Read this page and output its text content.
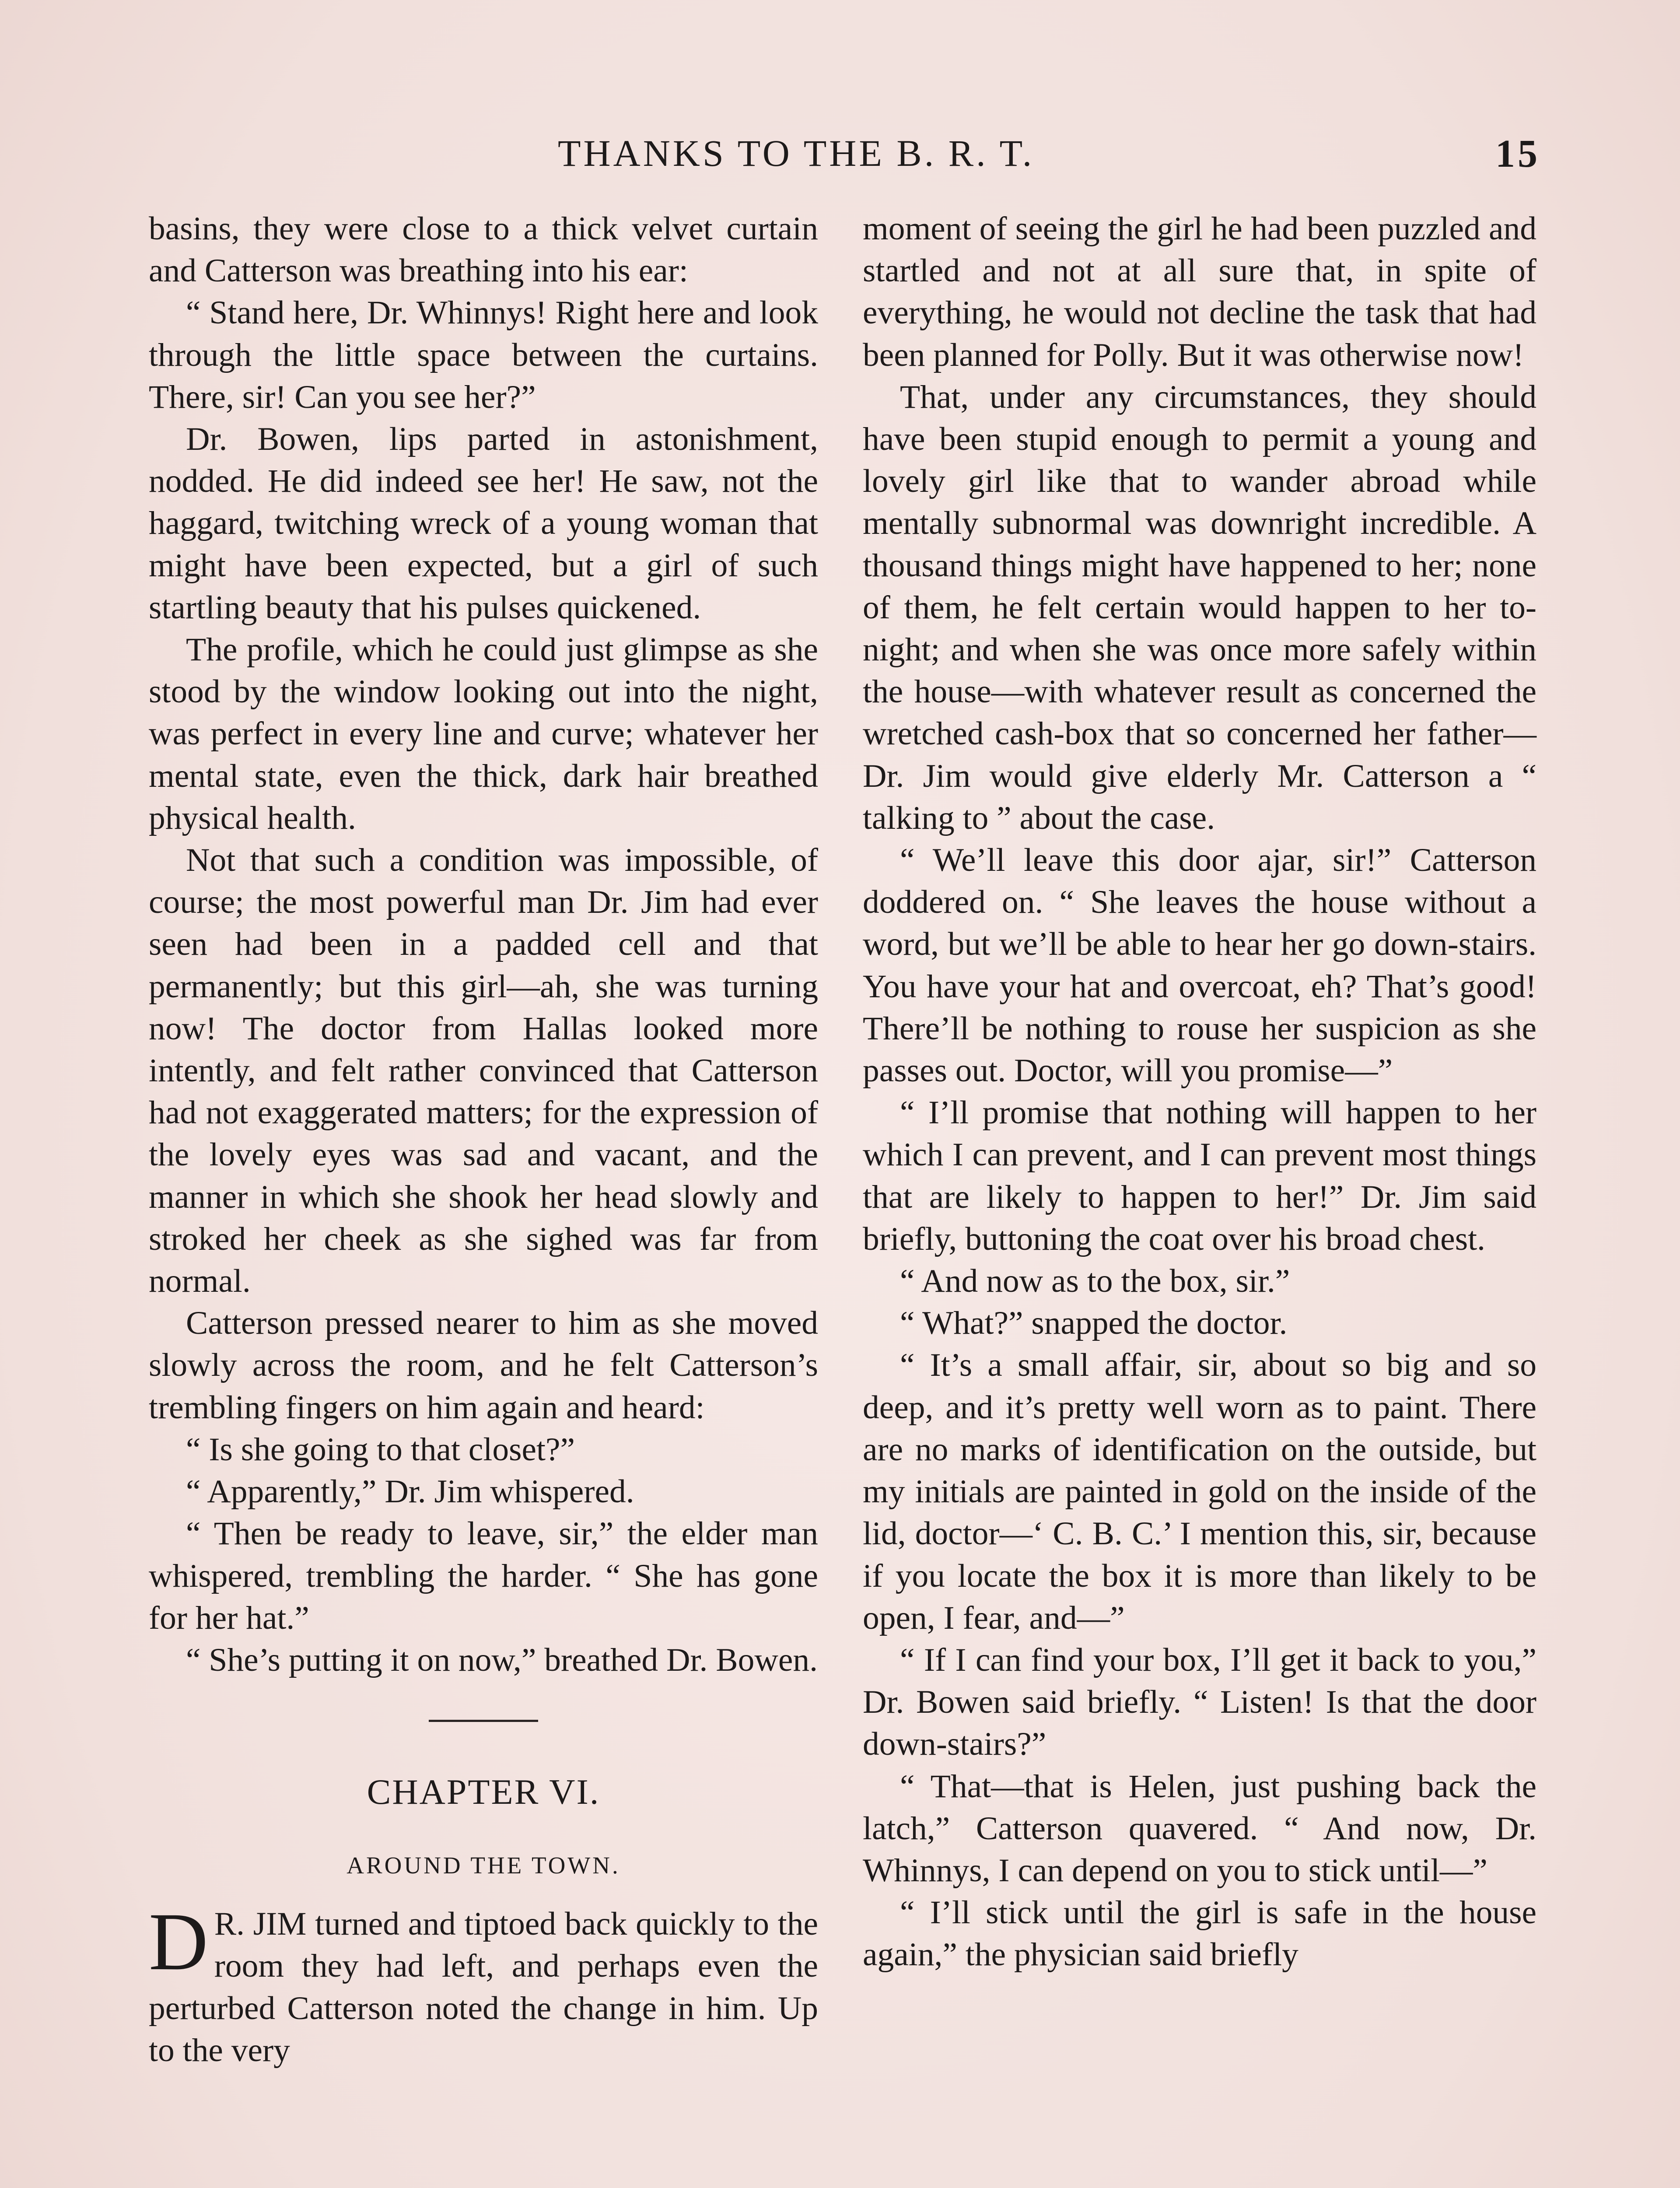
THANKS TO THE B. R. T.	15

basins, they were close to a thick velvet curtain and Catterson was breathing into his ear:

“ Stand here, Dr. Whinnys! Right here and look through the little space between the curtains. There, sir! Can you see her?”

Dr. Bowen, lips parted in astonishment, nodded. He did indeed see her! He saw, not the haggard, twitching wreck of a young woman that might have been expected, but a girl of such startling beauty that his pulses quickened.

The profile, which he could just glimpse as she stood by the window looking out into the night, was perfect in every line and curve; whatever her mental state, even the thick, dark hair breathed physical health.

Not that such a condition was impossible, of course; the most powerful man Dr. Jim had ever seen had been in a padded cell and that permanently; but this girl—ah, she was turning now! The doctor from Hallas looked more intently, and felt rather convinced that Catterson had not exaggerated matters; for the expression of the lovely eyes was sad and vacant, and the manner in which she shook her head slowly and stroked her cheek as she sighed was far from normal.

Catterson pressed nearer to him as she moved slowly across the room, and he felt Catterson’s trembling fingers on him again and heard:

“ Is she going to that closet?”

“ Apparently,” Dr. Jim whispered.

“ Then be ready to leave, sir,” the elder man whispered, trembling the harder. “ She has gone for her hat.”

“ She’s putting it on now,” breathed Dr. Bowen.

CHAPTER VI.
AROUND THE TOWN.

D R. JIM turned and tiptoed back quickly to the room they had left, and perhaps even the perturbed Catterson noted the change in him. Up to the very

moment of seeing the girl he had been puzzled and startled and not at all sure that, in spite of everything, he would not decline the task that had been planned for Polly. But it was otherwise now!

That, under any circumstances, they should have been stupid enough to permit a young and lovely girl like that to wander abroad while mentally subnormal was downright incredible. A thousand things might have happened to her; none of them, he felt certain would happen to her to-night; and when she was once more safely within the house—with whatever result as concerned the wretched cash-box that so concerned her father—Dr. Jim would give elderly Mr. Catterson a “ talking to ” about the case.

“ We’ll leave this door ajar, sir!” Catterson doddered on. “ She leaves the house without a word, but we’ll be able to hear her go down-stairs. You have your hat and overcoat, eh? That’s good! There’ll be nothing to rouse her suspicion as she passes out. Doctor, will you promise—”

“ I’ll promise that nothing will happen to her which I can prevent, and I can prevent most things that are likely to happen to her!” Dr. Jim said briefly, buttoning the coat over his broad chest.

“ And now as to the box, sir.”

“ What?” snapped the doctor.

“ It’s a small affair, sir, about so big and so deep, and it’s pretty well worn as to paint. There are no marks of identification on the outside, but my initials are painted in gold on the inside of the lid, doctor—‘ C. B. C.’ I mention this, sir, because if you locate the box it is more than likely to be open, I fear, and—”

“ If I can find your box, I’ll get it back to you,” Dr. Bowen said briefly. “ Listen! Is that the door down-stairs?”

“ That—that is Helen, just pushing back the latch,” Catterson quavered. “ And now, Dr. Whinnys, I can depend on you to stick until—”

“ I’ll stick until the girl is safe in the house again,” the physician said briefly
